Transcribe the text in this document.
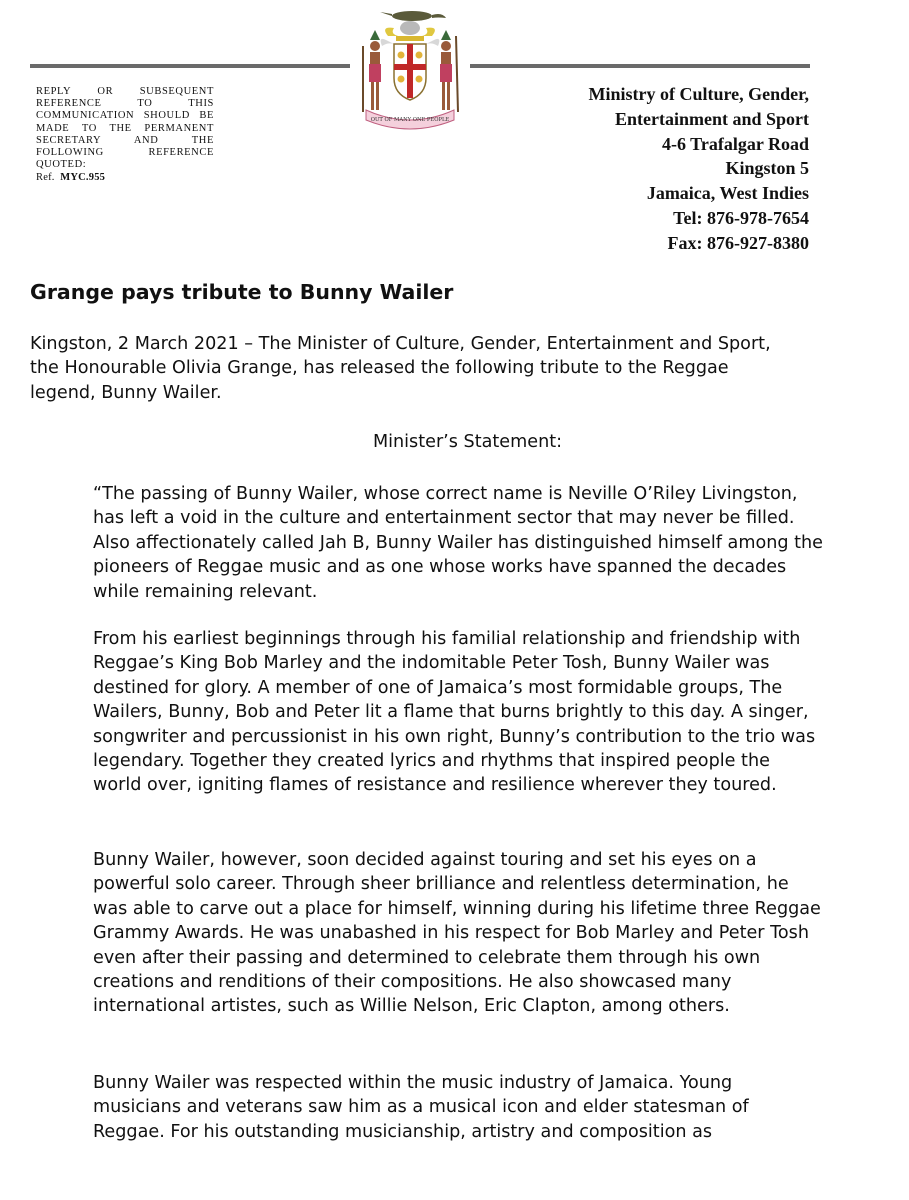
OUT OF MANY ONE PEOPLE
REPLY OR SUBSEQUENT
REFERENCE TO THIS
COMMUNICATION SHOULD BE
MADE TO THE PERMANENT
SECRETARY AND THE
FOLLOWING REFERENCE
QUOTED:
Ref. MYC.955
Ministry of Culture, Gender,
Entertainment and Sport
4-6 Trafalgar Road
Kingston 5
Jamaica, West Indies
Tel: 876-978-7654
Fax: 876-927-8380
Grange pays tribute to Bunny Wailer

Kingston, 2 March 2021 – The Minister of Culture, Gender, Entertainment and Sport, the Honourable Olivia Grange, has released the following tribute to the Reggae legend, Bunny Wailer.

Minister’s Statement:

“The passing of Bunny Wailer, whose correct name is Neville O’Riley Livingston, has left a void in the culture and entertainment sector that may never be filled. Also affectionately called Jah B, Bunny Wailer has distinguished himself among the pioneers of Reggae music and as one whose works have spanned the decades while remaining relevant.

From his earliest beginnings through his familial relationship and friendship with Reggae’s King Bob Marley and the indomitable Peter Tosh, Bunny Wailer was destined for glory. A member of one of Jamaica’s most formidable groups, The Wailers, Bunny, Bob and Peter lit a flame that burns brightly to this day. A singer, songwriter and percussionist in his own right, Bunny’s contribution to the trio was legendary. Together they created lyrics and rhythms that inspired people the world over, igniting flames of resistance and resilience wherever they toured.

Bunny Wailer, however, soon decided against touring and set his eyes on a powerful solo career. Through sheer brilliance and relentless determination, he was able to carve out a place for himself, winning during his lifetime three Reggae Grammy Awards. He was unabashed in his respect for Bob Marley and Peter Tosh even after their passing and determined to celebrate them through his own creations and renditions of their compositions. He also showcased many international artistes, such as Willie Nelson, Eric Clapton, among others.

Bunny Wailer was respected within the music industry of Jamaica. Young musicians and veterans saw him as a musical icon and elder statesman of Reggae. For his outstanding musicianship, artistry and composition as
